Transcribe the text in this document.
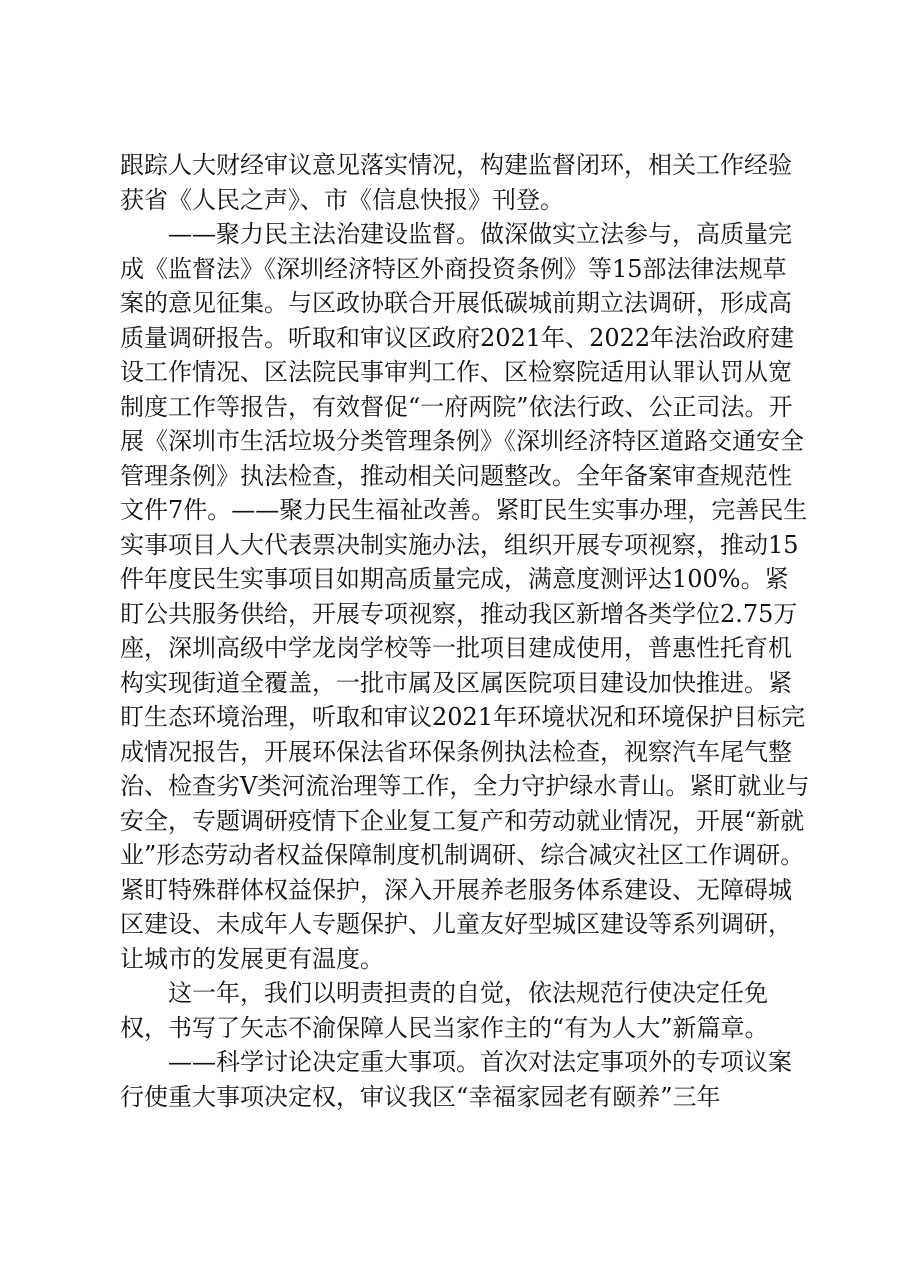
跟踪人大财经审议意见落实情况，构建监督闭环，相关工作经验获省《人民之声》、市《信息快报》刊登。

——聚力民主法治建设监督。做深做实立法参与，高质量完成《监督法》《深圳经济特区外商投资条例》等15部法律法规草案的意见征集。与区政协联合开展低碳城前期立法调研，形成高质量调研报告。听取和审议区政府2021年、2022年法治政府建设工作情况、区法院民事审判工作、区检察院适用认罪认罚从宽制度工作等报告，有效督促“一府两院”依法行政、公正司法。开展《深圳市生活垃圾分类管理条例》《深圳经济特区道路交通安全管理条例》执法检查，推动相关问题整改。全年备案审查规范性文件7件。——聚力民生福祉改善。紧盯民生实事办理，完善民生实事项目人大代表票决制实施办法，组织开展专项视察，推动15件年度民生实事项目如期高质量完成，满意度测评达100%。紧盯公共服务供给，开展专项视察，推动我区新增各类学位2.75万座，深圳高级中学龙岗学校等一批项目建成使用，普惠性托育机构实现街道全覆盖，一批市属及区属医院项目建设加快推进。紧盯生态环境治理，听取和审议2021年环境状况和环境保护目标完成情况报告，开展环保法省环保条例执法检查，视察汽车尾气整治、检查劣Ⅴ类河流治理等工作，全力守护绿水青山。紧盯就业与安全，专题调研疫情下企业复工复产和劳动就业情况，开展“新就业”形态劳动者权益保障制度机制调研、综合减灾社区工作调研。紧盯特殊群体权益保护，深入开展养老服务体系建设、无障碍城区建设、未成年人专题保护、儿童友好型城区建设等系列调研，让城市的发展更有温度。

这一年，我们以明责担责的自觉，依法规范行使决定任免权，书写了矢志不渝保障人民当家作主的“有为人大”新篇章。

——科学讨论决定重大事项。首次对法定事项外的专项议案行使重大事项决定权，审议我区“幸福家园老有颐养”三年
